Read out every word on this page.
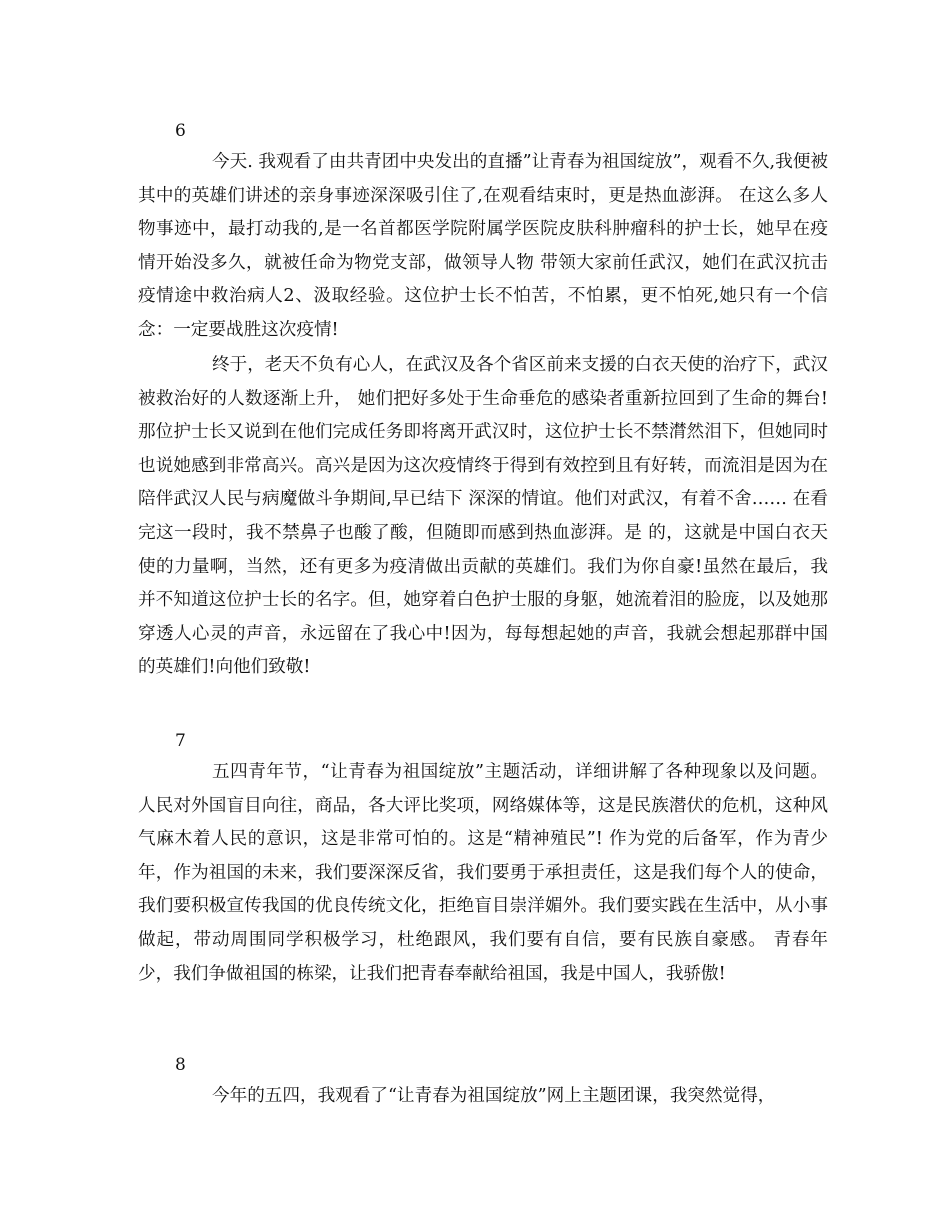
6

今天. 我观看了由共青团中央发出的直播”让青春为祖国绽放”，观看不久,我便被其中的英雄们讲述的亲身事迹深深吸引住了,在观看结束时，更是热血澎湃。 在这么多人物事迹中，最打动我的,是一名首都医学院附属学医院皮肤科肿瘤科的护士长，她早在疫情开始没多久，就被任命为物党支部，做领导人物 带领大家前任武汉，她们在武汉抗击疫情途中救治病人2、汲取经验。这位护士长不怕苦，不怕累，更不怕死,她只有一个信念：一定要战胜这次疫情!

终于，老天不负有心人，在武汉及各个省区前来支援的白衣天使的治疗下，武汉被救治好的人数逐渐上升， 她们把好多处于生命垂危的感染者重新拉回到了生命的舞台!那位护士长又说到在他们完成任务即将离开武汉时，这位护士长不禁潸然泪下，但她同时也说她感到非常高兴。高兴是因为这次疫情终于得到有效控到且有好转，而流泪是因为在陪伴武汉人民与病魔做斗争期间,早已结下 深深的情谊。他们对武汉，有着不舍…… 在看完这一段时，我不禁鼻子也酸了酸，但随即而感到热血澎湃。是 的，这就是中国白衣天使的力量啊，当然，还有更多为疫清做出贡献的英雄们。我们为你自豪!虽然在最后，我并不知道这位护士长的名字。但，她穿着白色护士服的身躯，她流着泪的脸庞，以及她那穿透人心灵的声音，永远留在了我心中!因为，每每想起她的声音，我就会想起那群中国的英雄们!向他们致敬!

7

五四青年节，“让青春为祖国绽放”主题活动，详细讲解了各种现象以及问题。 人民对外国盲目向往，商品，各大评比奖项，网络媒体等，这是民族潜伏的危机，这种风气麻木着人民的意识，这是非常可怕的。这是“精神殖民”! 作为党的后备军，作为青少年，作为祖国的未来，我们要深深反省，我们要勇于承担责任，这是我们每个人的使命，我们要积极宣传我国的优良传统文化，拒绝盲目崇洋媚外。我们要实践在生活中，从小事做起，带动周围同学积极学习，杜绝跟风，我们要有自信，要有民族自豪感。 青春年少，我们争做祖国的栋梁，让我们把青春奉献给祖国，我是中国人，我骄傲!

8

今年的五四，我观看了“让青春为祖国绽放”网上主题团课，我突然觉得，
